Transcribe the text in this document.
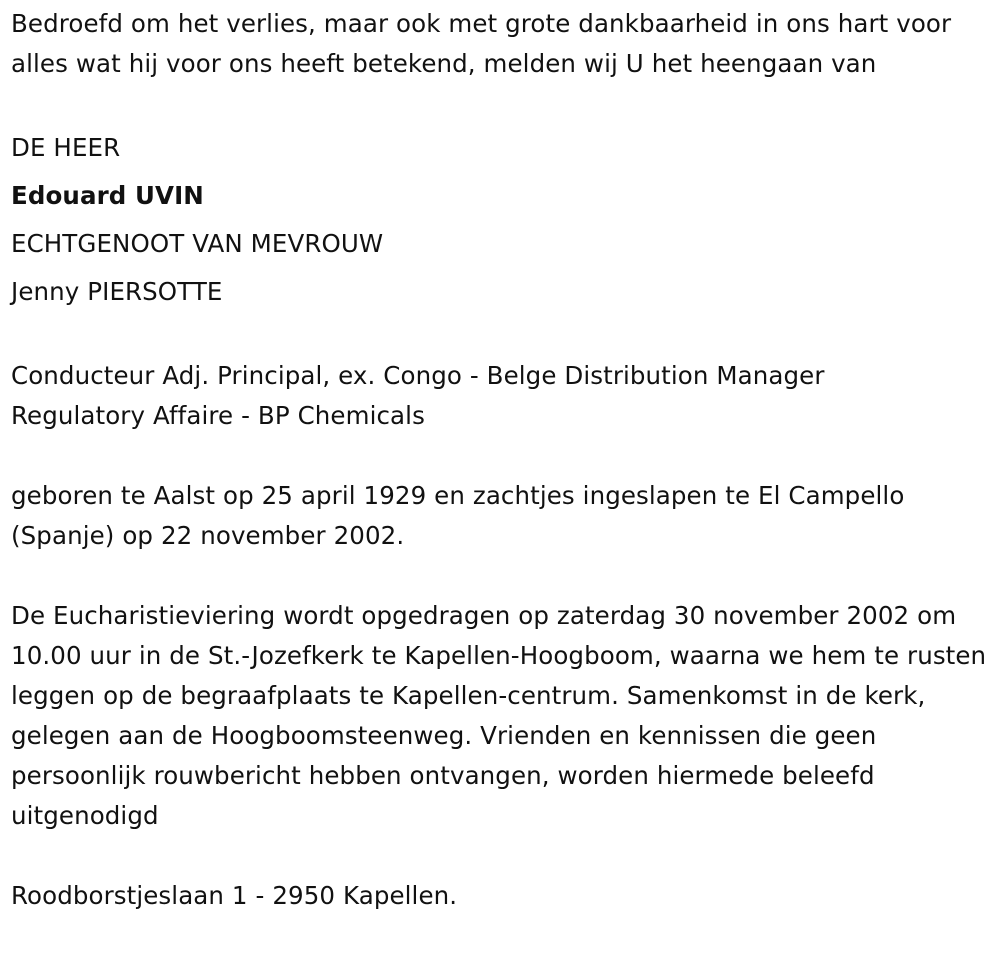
Bedroefd om het verlies, maar ook met grote dankbaarheid in ons hart voor alles wat hij voor ons heeft betekend, melden wij U het heengaan van

DE HEER

Edouard UVIN

ECHTGENOOT VAN MEVROUW

Jenny PIERSOTTE

Conducteur Adj. Principal, ex. Congo - Belge Distribution Manager Regulatory Affaire - BP Chemicals

geboren te Aalst op 25 april 1929 en zachtjes ingeslapen te El Campello (Spanje) op 22 november 2002.

De Eucharistieviering wordt opgedragen op zaterdag 30 november 2002 om 10.00 uur in de St.-Jozefkerk te Kapellen-Hoogboom, waarna we hem te rusten leggen op de begraafplaats te Kapellen-centrum. Samenkomst in de kerk, gelegen aan de Hoogboomsteenweg. Vrienden en kennissen die geen persoonlijk rouwbericht hebben ontvangen, worden hiermede beleefd uitgenodigd

Roodborstjeslaan 1 - 2950 Kapellen.
